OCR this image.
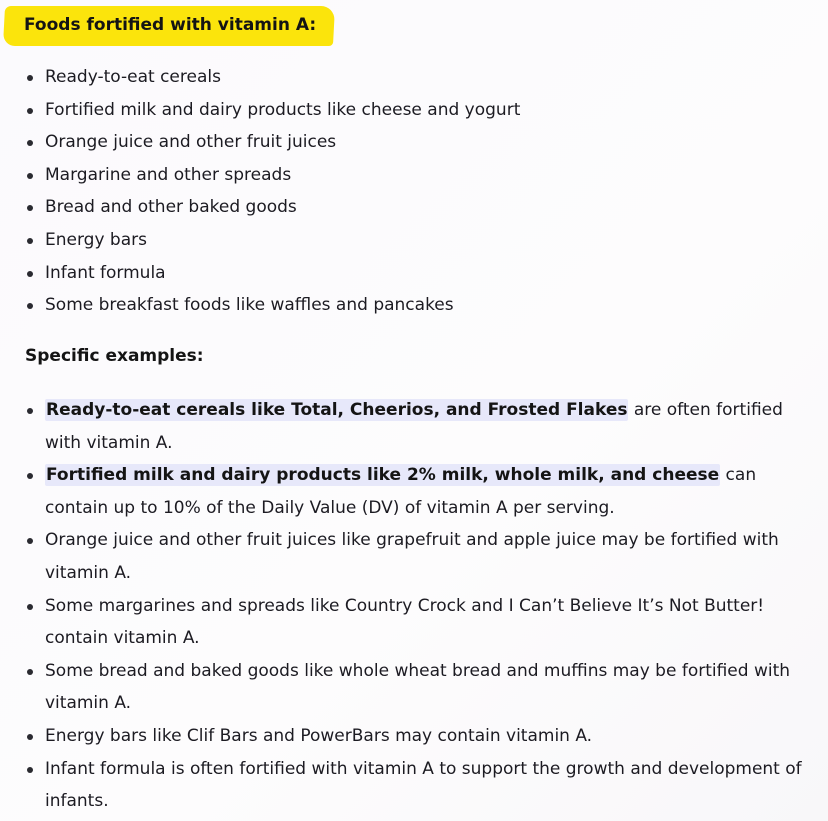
Foods fortified with vitamin A:
Ready-to-eat cereals
Fortified milk and dairy products like cheese and yogurt
Orange juice and other fruit juices
Margarine and other spreads
Bread and other baked goods
Energy bars
Infant formula
Some breakfast foods like waffles and pancakes
Specific examples:
Ready-to-eat cereals like Total, Cheerios, and Frosted Flakes are often fortified with vitamin A.
Fortified milk and dairy products like 2% milk, whole milk, and cheese can contain up to 10% of the Daily Value (DV) of vitamin A per serving.
Orange juice and other fruit juices like grapefruit and apple juice may be fortified with vitamin A.
Some margarines and spreads like Country Crock and I Can’t Believe It’s Not Butter! contain vitamin A.
Some bread and baked goods like whole wheat bread and muffins may be fortified with vitamin A.
Energy bars like Clif Bars and PowerBars may contain vitamin A.
Infant formula is often fortified with vitamin A to support the growth and development of infants.
